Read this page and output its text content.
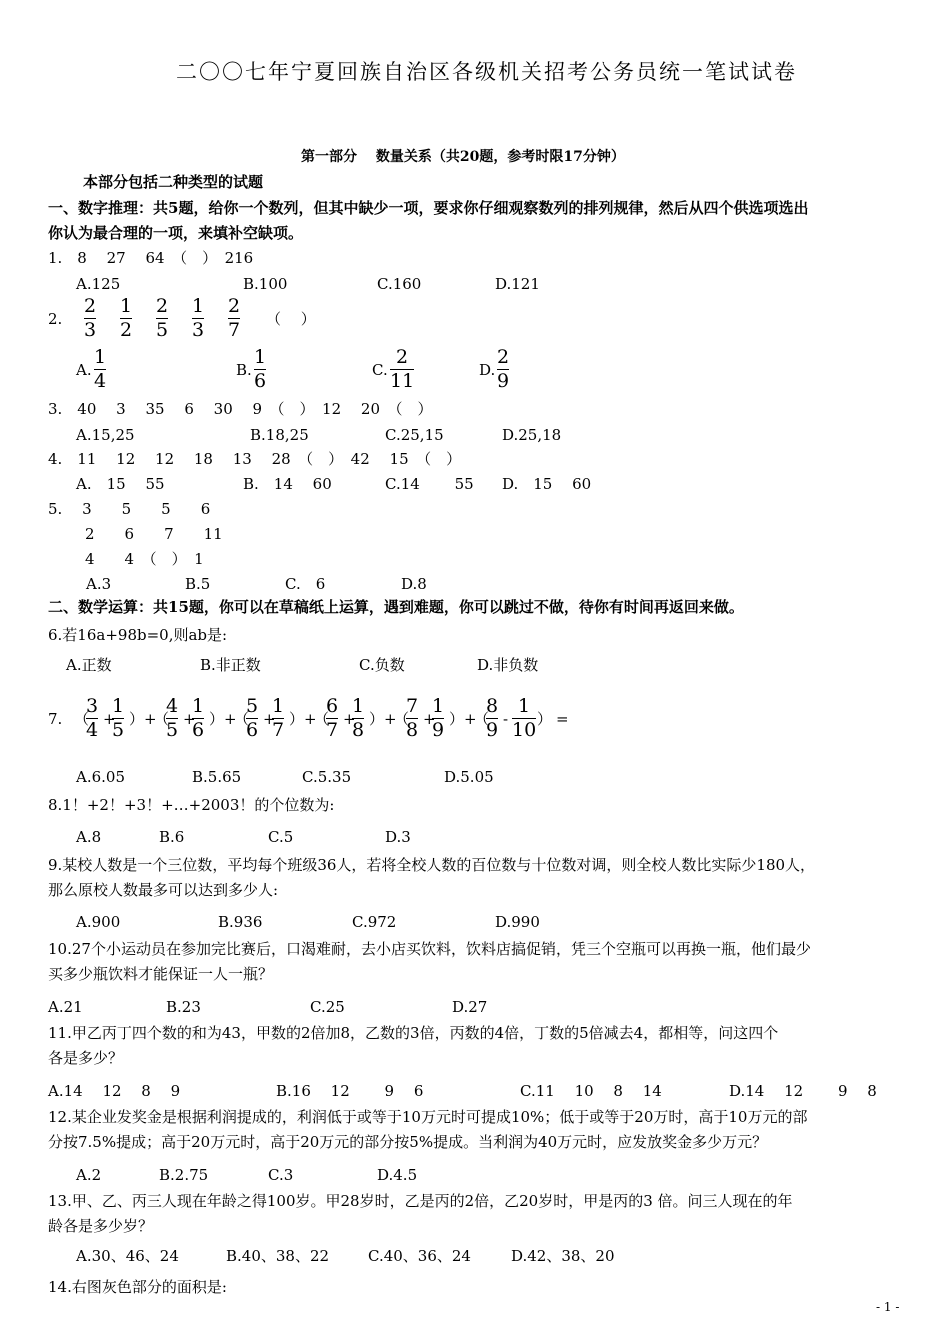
二〇〇七年宁夏回族自治区各级机关招考公务员统一笔试试卷
第一部分　 数量关系（共20题，参考时限17分钟）
本部分包括二种类型的试题
一、数字推理：共5题，给你一个数列，但其中缺少一项，要求你仔细观察数列的排列规律，然后从四个供选项选出
你认为最合理的一项，来填补空缺项。
1.　8　 27　 64　（　）　216
A.125	B.100	C.160	D.121
2.
2
3
1
2
2
5
1
3
2
7 （　 ）
A.
1
4	B.
1
6	C.
2
11	D.
2
9
3.　40　 3　 35　 6　 30　 9　（　）　12　 20　（　）
A.15,25	B.18,25	C.25,15	D.25,18
4.　11　 12　 12　 18　 13　 28　（　）　42　 15　（　）
A.　15　 55	B.　14　 60	C.14　　 55 D.　15　 60
5.　 3　　5　　5　　6
2　　6　　7　　11
4　　4　（　）　1
A.3	B.5	C.　6	D.8
二、数学运算：共15题，你可以在草稿纸上运算，遇到难题，你可以跳过不做，待你有时间再返回来做。
6.若16a+98b=0,则ab是:
A.正数	B.非正数	C.负数	D.非负数
7. （
3
4 +
1
5 ） +
（
4
5 +
1
6 ） +
（
5
6 +
1
7 ） +
（
6
7 +
1
8 ） +
（
7
8 +
1
9 ） +
（
8
9 -
1
10 ） =
A.6.05	B.5.65	C.5.35	D.5.05
8.1！+2！+3！+…+2003！的个位数为:
A.8	B.6	C.5	D.3
9.某校人数是一个三位数，平均每个班级36人，若将全校人数的百位数与十位数对调，则全校人数比实际少180人，
那么原校人数最多可以达到多少人:
A.900	B.936	C.972	D.990
10.27个小运动员在参加完比赛后，口渴难耐，去小店买饮料，饮料店搞促销，凭三个空瓶可以再换一瓶，他们最少
买多少瓶饮料才能保证一人一瓶？
A.21	B.23	C.25	D.27
11.甲乙丙丁四个数的和为43，甲数的2倍加8，乙数的3倍，丙数的4倍，丁数的5倍减去4，都相等，问这四个
各是多少？
A.14　 12　 8　 9	B.16　 12　　 9　 6	C.11　 10　 8　 14	D.14　 12　　 9　 8
12.某企业发奖金是根据利润提成的，利润低于或等于10万元时可提成10%；低于或等于20万时，高于10万元的部
分按7.5%提成；高于20万元时，高于20万元的部分按5%提成。当利润为40万元时，应发放奖金多少万元？
A.2	B.2.75	C.3	D.4.5
13.甲、乙、丙三人现在年龄之得100岁。甲28岁时，乙是丙的2倍，乙20岁时，甲是丙的3 倍。问三人现在的年
龄各是多少岁？
A.30、46、24	B.40、38、22	C.40、36、24	D.42、38、20
14.右图灰色部分的面积是:
- 1 -
